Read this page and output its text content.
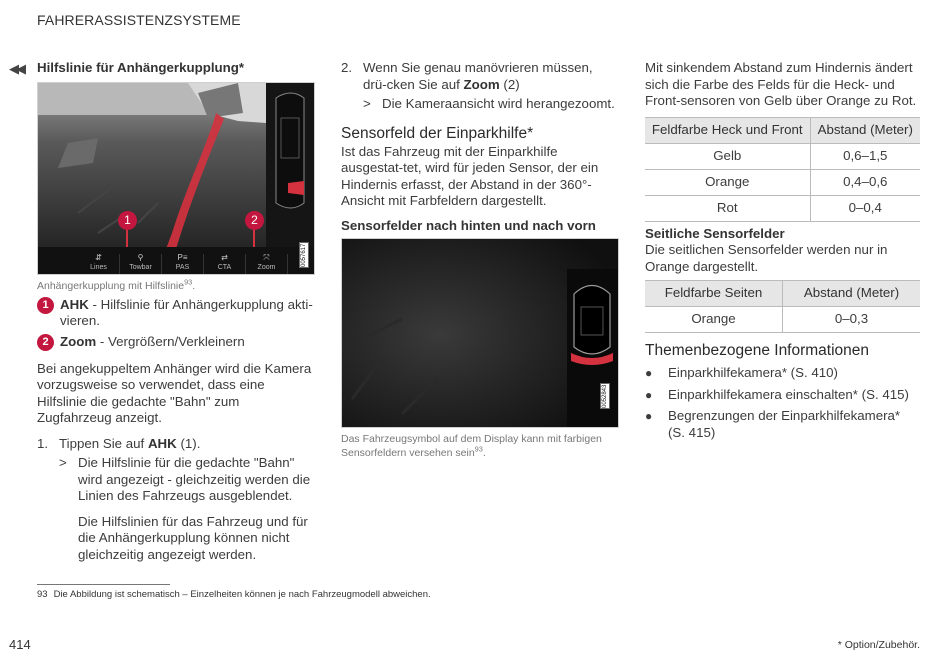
FAHRERASSISTENZSYSTEME
◀◀ Hilfslinie für Anhängerkupplung*
1	2
⇵
Lines
⚲
Towbar
P≡
PAS
⇄
CTA
⤧
Zoom
0057617
Anhängerkupplung mit Hilfslinie$^{93}$.
1 AHK - Hilfslinie für Anhängerkupplung akti-vieren.
2 Zoom - Vergrößern/Verkleinern

Bei angekuppeltem Anhänger wird die Kamera vorzugsweise so verwendet, dass eine Hilfslinie die gedachte "Bahn" zum Zugfahrzeug anzeigt.

1. Tippen Sie auf AHK (1).
> Die Hilfslinie für die gedachte "Bahn" wird angezeigt - gleichzeitig werden die Linien des Fahrzeugs ausgeblendet.
Die Hilfslinien für das Fahrzeug und für die Anhängerkupplung können nicht gleichzeitig angezeigt werden.
2. Wenn Sie genau manövrieren müssen, drü-cken Sie auf Zoom (2)
> Die Kameraansicht wird herangezoomt.
Sensorfeld der Einparkhilfe*
Ist das Fahrzeug mit der Einparkhilfe ausgestat-tet, wird für jeden Sensor, der ein Hindernis erfasst, der Abstand in der 360°-Ansicht mit Farbfeldern dargestellt.
Sensorfelder nach hinten und nach vorn
0052843
Das Fahrzeugsymbol auf dem Display kann mit farbigen Sensorfeldern versehen sein$^{93}$.
Mit sinkendem Abstand zum Hindernis ändert sich die Farbe des Felds für die Heck- und Front-sensoren von Gelb über Orange zu Rot.
Feldfarbe Heck und Front	Abstand (Meter)
Gelb	0,6–1,5
Orange	0,4–0,6
Rot	0–0,4
Seitliche Sensorfelder
Die seitlichen Sensorfelder werden nur in Orange dargestellt.
Feldfarbe Seiten	Abstand (Meter)
Orange	0–0,3
Themenbezogene Informationen
●	Einparkhilfekamera* (S. 410)
●	Einparkhilfekamera einschalten* (S. 415)
●	Begrenzungen der Einparkhilfekamera* (S. 415)
93 Die Abbildung ist schematisch – Einzelheiten können je nach Fahrzeugmodell abweichen.
414	* Option/Zubehör.
